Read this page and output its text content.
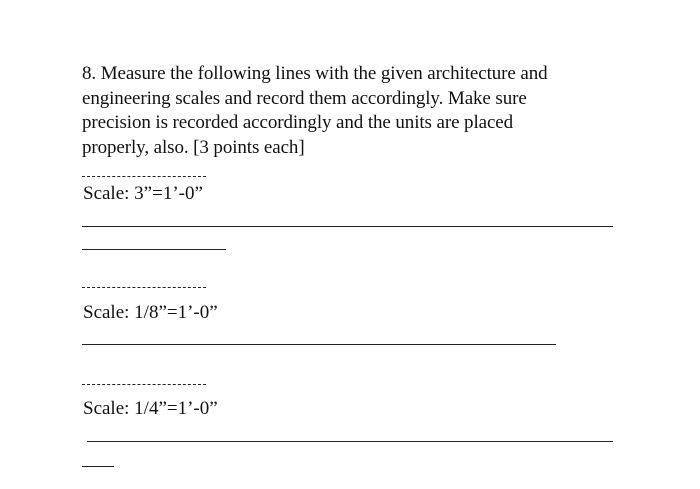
8. Measure the following lines with the given architecture and
engineering scales and record them accordingly. Make sure
precision is recorded accordingly and the units are placed
properly, also. [3 points each]
Scale: 3”=1’-0”
Scale: 1/8”=1’-0”
Scale: 1/4”=1’-0”
